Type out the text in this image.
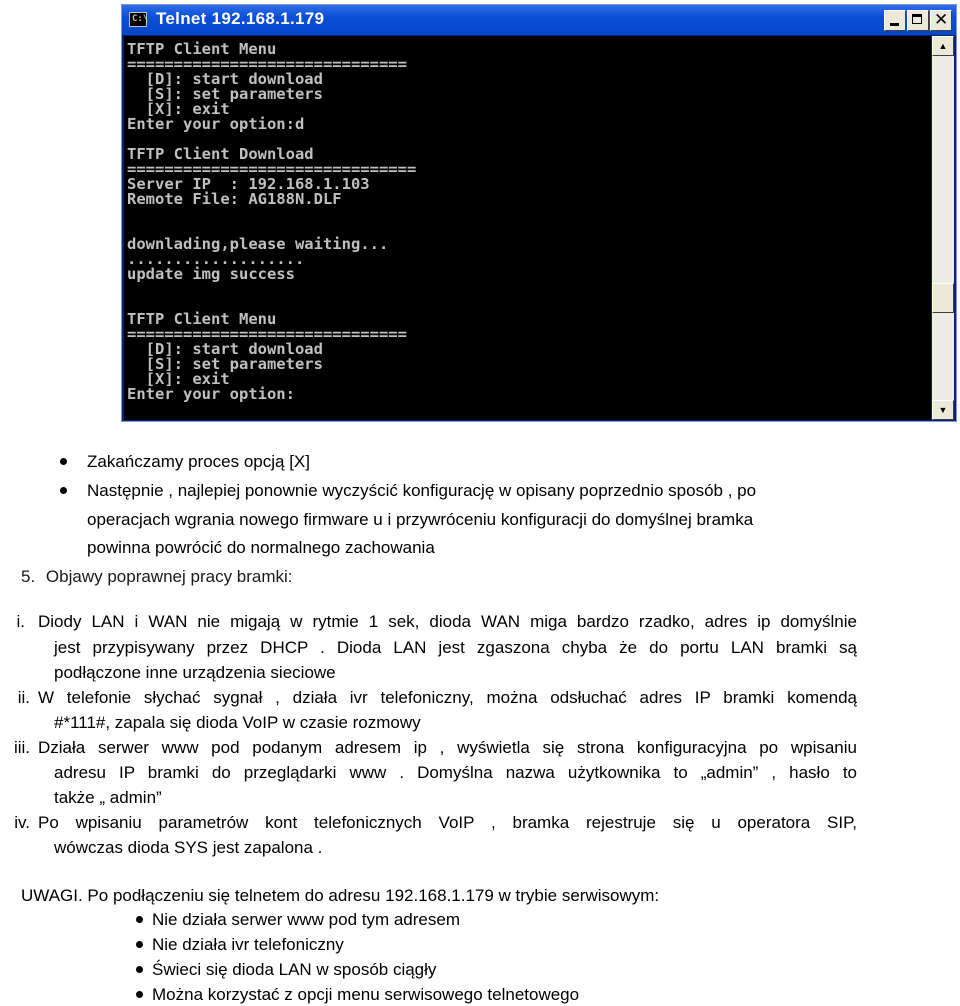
C:\ Telnet 192.168.1.179	✕
TFTP Client Menu
==============================
[D]: start download
[S]: set parameters
[X]: exit
Enter your option:d

TFTP Client Download
===============================
Server IP  : 192.168.1.103
Remote File: AG188N.DLF

downlading,please waiting...
...................
update img success

TFTP Client Menu
==============================
[D]: start download
[S]: set parameters
[X]: exit
Enter your option:
▲
▼
Zakańczamy proces opcją [X]
Następnie , najlepiej ponownie wyczyścić konfigurację w opisany poprzednio sposób , po
operacjach wgrania nowego firmware u i przywróceniu konfiguracji do domyślnej bramka
powinna powrócić do normalnego zachowania
5. Objawy poprawnej pracy bramki:
i. Diody LAN i WAN nie migają w rytmie 1 sek, dioda WAN miga bardzo rzadko, adres ip domyślnie
jest przypisywany przez DHCP . Dioda LAN jest zgaszona chyba że do portu LAN bramki są
podłączone inne urządzenia sieciowe
ii. W telefonie słychać sygnał , działa ivr telefoniczny, można odsłuchać adres IP bramki komendą
#*111#, zapala się dioda VoIP w czasie rozmowy
iii. Działa serwer www pod podanym adresem ip , wyświetla się strona konfiguracyjna po wpisaniu
adresu IP bramki do przeglądarki www . Domyślna nazwa użytkownika to „admin” , hasło to
także „ admin”
iv. Po wpisaniu parametrów kont telefonicznych VoIP , bramka rejestruje się u operatora SIP,
wówczas dioda SYS jest zapalona .
UWAGI. Po podłączeniu się telnetem do adresu 192.168.1.179 w trybie serwisowym:
Nie działa serwer www pod tym adresem
Nie działa ivr telefoniczny
Świeci się dioda LAN w sposób ciągły
Można korzystać z opcji menu serwisowego telnetowego
